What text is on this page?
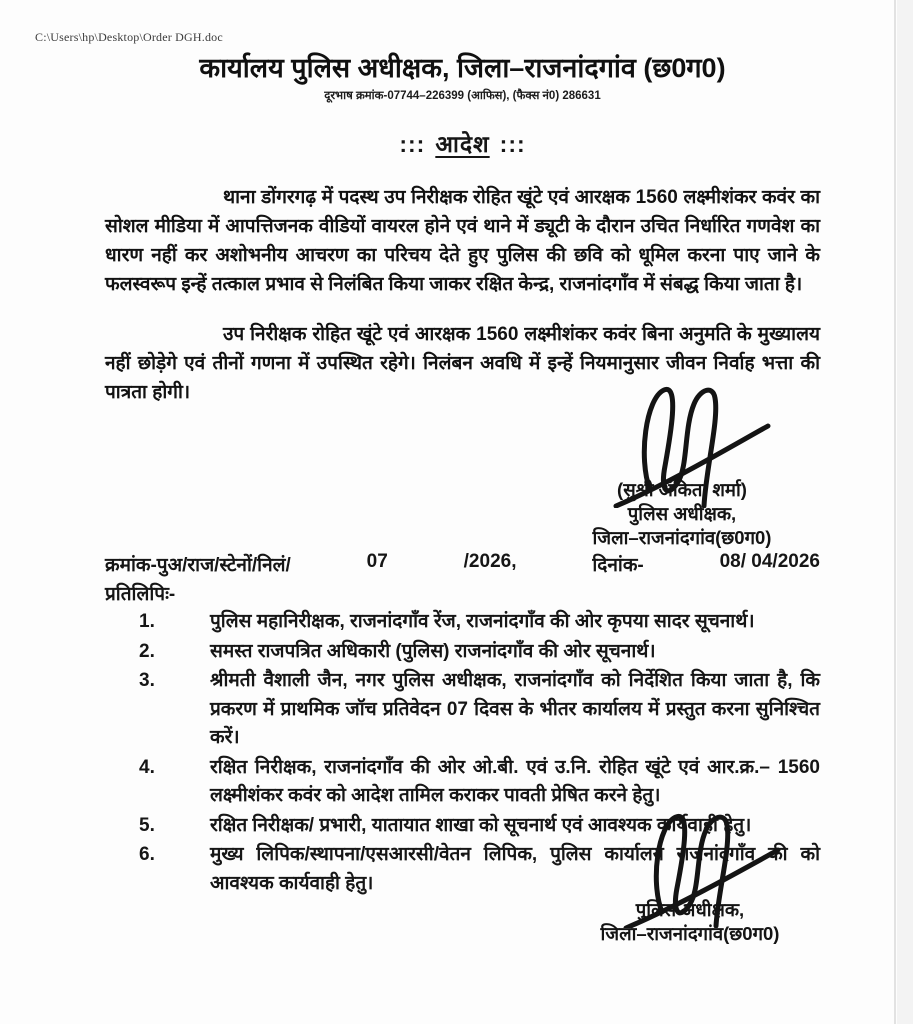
C:\Users\hp\Desktop\Order DGH.doc
कार्यालय पुलिस अधीक्षक, जिला–राजनांदगांव (छ0ग0)
दूरभाष क्रमांक-07744–226399 (आफिस), (फैक्स नं0) 286631
::: आदेश :::

थाना डोंगरगढ़ में पदस्थ उप निरीक्षक रोहित खूंटे एवं आरक्षक 1560 लक्ष्मीशंकर कवंर का सोशल मीडिया में आपत्तिजनक वीडियों वायरल होने एवं थाने में ड्यूटी के दौरान उचित निर्धारित गणवेश का धारण नहीं कर अशोभनीय आचरण का परिचय देते हुए पुलिस की छवि को धूमिल करना पाए जाने के फलस्वरूप इन्हें तत्काल प्रभाव से निलंबित किया जाकर रक्षित केन्द्र, राजनांदगाँव में संबद्ध किया जाता है।

उप निरीक्षक रोहित खूंटे एवं आरक्षक 1560 लक्ष्मीशंकर कवंर बिना अनुमति के मुख्यालय नहीं छोड़ेगे एवं तीनों गणना में उपस्थित रहेगे। निलंबन अवधि में इन्हें नियमानुसार जीवन निर्वाह भत्ता की पात्रता होगी।

(सुश्री अंकिता शर्मा)
पुलिस अधीक्षक,
जिला–राजनांदगांव(छ0ग0)
क्रमांक-पुअ/राज/स्टेनों/निलं/	07	/2026,	दिनांक-	08/ 04/2026
प्रतिलिपिः-
1.	पुलिस महानिरीक्षक, राजनांदगाँव रेंज, राजनांदगाँव की ओर कृपया सादर सूचनार्थ।
2.	समस्त राजपत्रित अधिकारी (पुलिस) राजनांदगाँव की ओर सूचनार्थ।
3.	श्रीमती वैशाली जैन, नगर पुलिस अधीक्षक, राजनांदगाँव को निर्देशित किया जाता है, कि प्रकरण में प्राथमिक जॉच प्रतिवेदन 07 दिवस के भीतर कार्यालय में प्रस्तुत करना सुनिश्चित करें।
4.	रक्षित निरीक्षक, राजनांदगाँव की ओर ओ.बी. एवं उ.नि. रोहित खूंटे एवं आर.क्र.– 1560 लक्ष्मीशंकर कवंर को आदेश तामिल कराकर पावती प्रेषित करने हेतु।
5.	रक्षित निरीक्षक/ प्रभारी, यातायात शाखा को सूचनार्थ एवं आवश्यक कार्यवाही हेतु।
6.	मुख्य लिपिक/स्थापना/एसआरसी/वेतन लिपिक, पुलिस कार्यालय राजनांदगाँव की को आवश्यक कार्यवाही हेतु।
पुलिस अधीक्षक,
जिला–राजनांदगांव(छ0ग0)
